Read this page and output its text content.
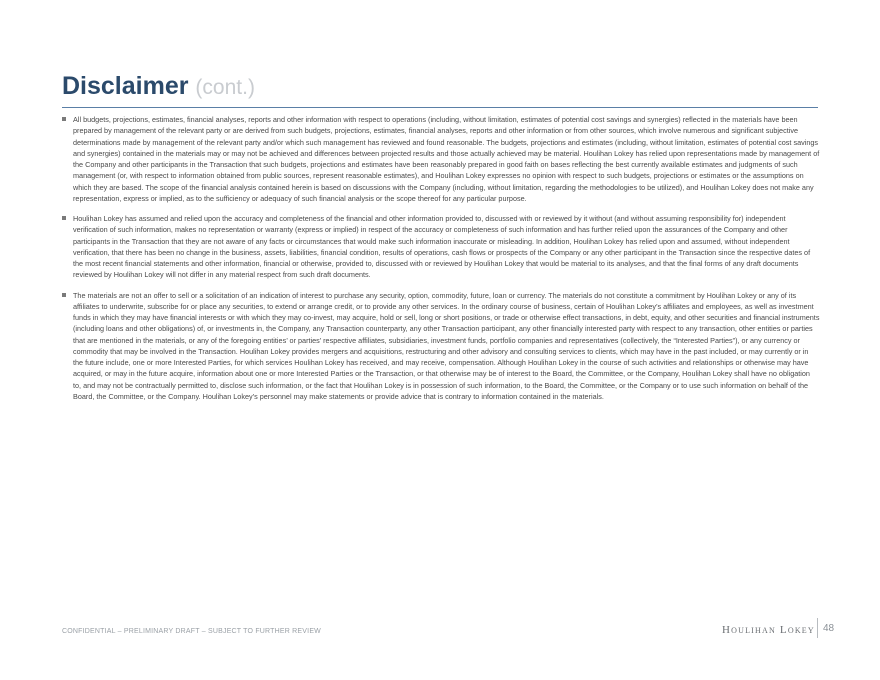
Disclaimer (cont.)

All budgets, projections, estimates, financial analyses, reports and other information with respect to operations (including, without limitation, estimates of potential cost savings and synergies) reflected in the materials have been prepared by management of the relevant party or are derived from such budgets, projections, estimates, financial analyses, reports and other information or from other sources, which involve numerous and significant subjective determinations made by management of the relevant party and/or which such management has reviewed and found reasonable. The budgets, projections and estimates (including, without limitation, estimates of potential cost savings and synergies) contained in the materials may or may not be achieved and differences between projected results and those actually achieved may be material. Houlihan Lokey has relied upon representations made by management of the Company and other participants in the Transaction that such budgets, projections and estimates have been reasonably prepared in good faith on bases reflecting the best currently available estimates and judgments of such management (or, with respect to information obtained from public sources, represent reasonable estimates), and Houlihan Lokey expresses no opinion with respect to such budgets, projections or estimates or the assumptions on which they are based. The scope of the financial analysis contained herein is based on discussions with the Company (including, without limitation, regarding the methodologies to be utilized), and Houlihan Lokey does not make any representation, express or implied, as to the sufficiency or adequacy of such financial analysis or the scope thereof for any particular purpose.

Houlihan Lokey has assumed and relied upon the accuracy and completeness of the financial and other information provided to, discussed with or reviewed by it without (and without assuming responsibility for) independent verification of such information, makes no representation or warranty (express or implied) in respect of the accuracy or completeness of such information and has further relied upon the assurances of the Company and other participants in the Transaction that they are not aware of any facts or circumstances that would make such information inaccurate or misleading. In addition, Houlihan Lokey has relied upon and assumed, without independent verification, that there has been no change in the business, assets, liabilities, financial condition, results of operations, cash flows or prospects of the Company or any other participant in the Transaction since the respective dates of the most recent financial statements and other information, financial or otherwise, provided to, discussed with or reviewed by Houlihan Lokey that would be material to its analyses, and that the final forms of any draft documents reviewed by Houlihan Lokey will not differ in any material respect from such draft documents.

The materials are not an offer to sell or a solicitation of an indication of interest to purchase any security, option, commodity, future, loan or currency. The materials do not constitute a commitment by Houlihan Lokey or any of its affiliates to underwrite, subscribe for or place any securities, to extend or arrange credit, or to provide any other services. In the ordinary course of business, certain of Houlihan Lokey’s affiliates and employees, as well as investment funds in which they may have financial interests or with which they may co-invest, may acquire, hold or sell, long or short positions, or trade or otherwise effect transactions, in debt, equity, and other securities and financial instruments (including loans and other obligations) of, or investments in, the Company, any Transaction counterparty, any other Transaction participant, any other financially interested party with respect to any transaction, other entities or parties that are mentioned in the materials, or any of the foregoing entities’ or parties’ respective affiliates, subsidiaries, investment funds, portfolio companies and representatives (collectively, the “Interested Parties”), or any currency or commodity that may be involved in the Transaction. Houlihan Lokey provides mergers and acquisitions, restructuring and other advisory and consulting services to clients, which may have in the past included, or may currently or in the future include, one or more Interested Parties, for which services Houlihan Lokey has received, and may receive, compensation. Although Houlihan Lokey in the course of such activities and relationships or otherwise may have acquired, or may in the future acquire, information about one or more Interested Parties or the Transaction, or that otherwise may be of interest to the Board, the Committee, or the Company, Houlihan Lokey shall have no obligation to, and may not be contractually permitted to, disclose such information, or the fact that Houlihan Lokey is in possession of such information, to the Board, the Committee, or the Company or to use such information on behalf of the Board, the Committee, or the Company. Houlihan Lokey’s personnel may make statements or provide advice that is contrary to information contained in the materials.

CONFIDENTIAL – PRELIMINARY DRAFT – SUBJECT TO FURTHER REVIEW	Houlihan Lokey 48
